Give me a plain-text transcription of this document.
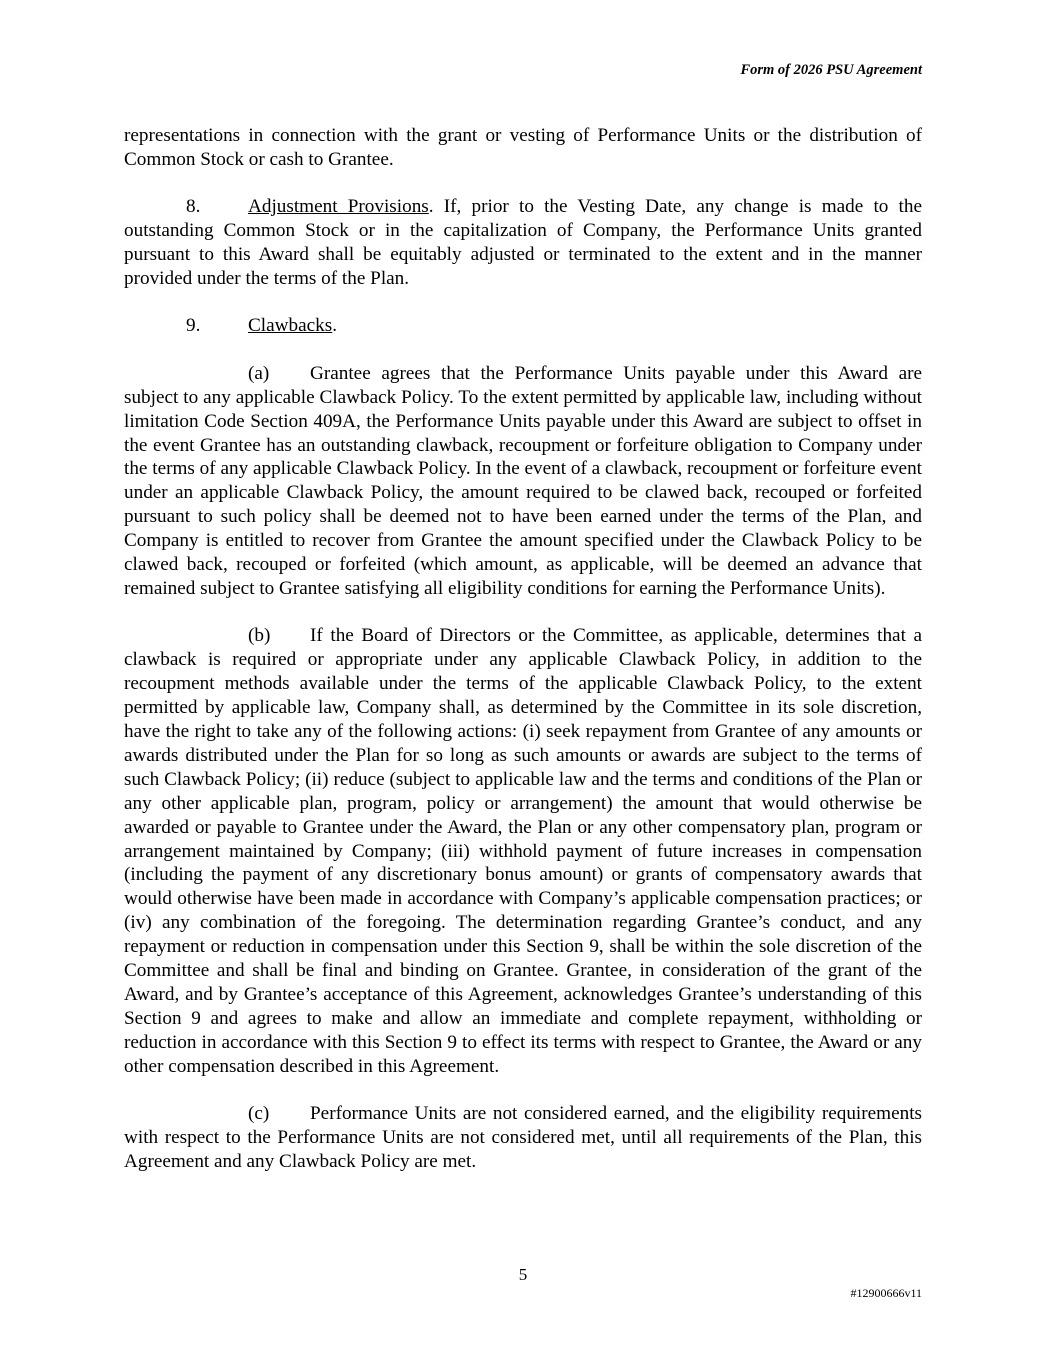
Form of 2026 PSU Agreement

representations in connection with the grant or vesting of Performance Units or the distribution of Common Stock or cash to Grantee.

8. Adjustment Provisions. If, prior to the Vesting Date, any change is made to the outstanding Common Stock or in the capitalization of Company, the Performance Units granted pursuant to this Award shall be equitably adjusted or terminated to the extent and in the manner provided under the terms of the Plan.

9. Clawbacks.

(a) Grantee agrees that the Performance Units payable under this Award are subject to any applicable Clawback Policy. To the extent permitted by applicable law, including without limitation Code Section 409A, the Performance Units payable under this Award are subject to offset in the event Grantee has an outstanding clawback, recoupment or forfeiture obligation to Company under the terms of any applicable Clawback Policy. In the event of a clawback, recoupment or forfeiture event under an applicable Clawback Policy, the amount required to be clawed back, recouped or forfeited pursuant to such policy shall be deemed not to have been earned under the terms of the Plan, and Company is entitled to recover from Grantee the amount specified under the Clawback Policy to be clawed back, recouped or forfeited (which amount, as applicable, will be deemed an advance that remained subject to Grantee satisfying all eligibility conditions for earning the Performance Units).

(b) If the Board of Directors or the Committee, as applicable, determines that a clawback is required or appropriate under any applicable Clawback Policy, in addition to the recoupment methods available under the terms of the applicable Clawback Policy, to the extent permitted by applicable law, Company shall, as determined by the Committee in its sole discretion, have the right to take any of the following actions: (i) seek repayment from Grantee of any amounts or awards distributed under the Plan for so long as such amounts or awards are subject to the terms of such Clawback Policy; (ii) reduce (subject to applicable law and the terms and conditions of the Plan or any other applicable plan, program, policy or arrangement) the amount that would otherwise be awarded or payable to Grantee under the Award, the Plan or any other compensatory plan, program or arrangement maintained by Company; (iii) withhold payment of future increases in compensation (including the payment of any discretionary bonus amount) or grants of compensatory awards that would otherwise have been made in accordance with Company’s applicable compensation practices; or (iv) any combination of the foregoing. The determination regarding Grantee’s conduct, and any repayment or reduction in compensation under this Section 9, shall be within the sole discretion of the Committee and shall be final and binding on Grantee. Grantee, in consideration of the grant of the Award, and by Grantee’s acceptance of this Agreement, acknowledges Grantee’s understanding of this Section 9 and agrees to make and allow an immediate and complete repayment, withholding or reduction in accordance with this Section 9 to effect its terms with respect to Grantee, the Award or any other compensation described in this Agreement.

(c) Performance Units are not considered earned, and the eligibility requirements with respect to the Performance Units are not considered met, until all requirements of the Plan, this Agreement and any Clawback Policy are met.

5
#12900666v11
